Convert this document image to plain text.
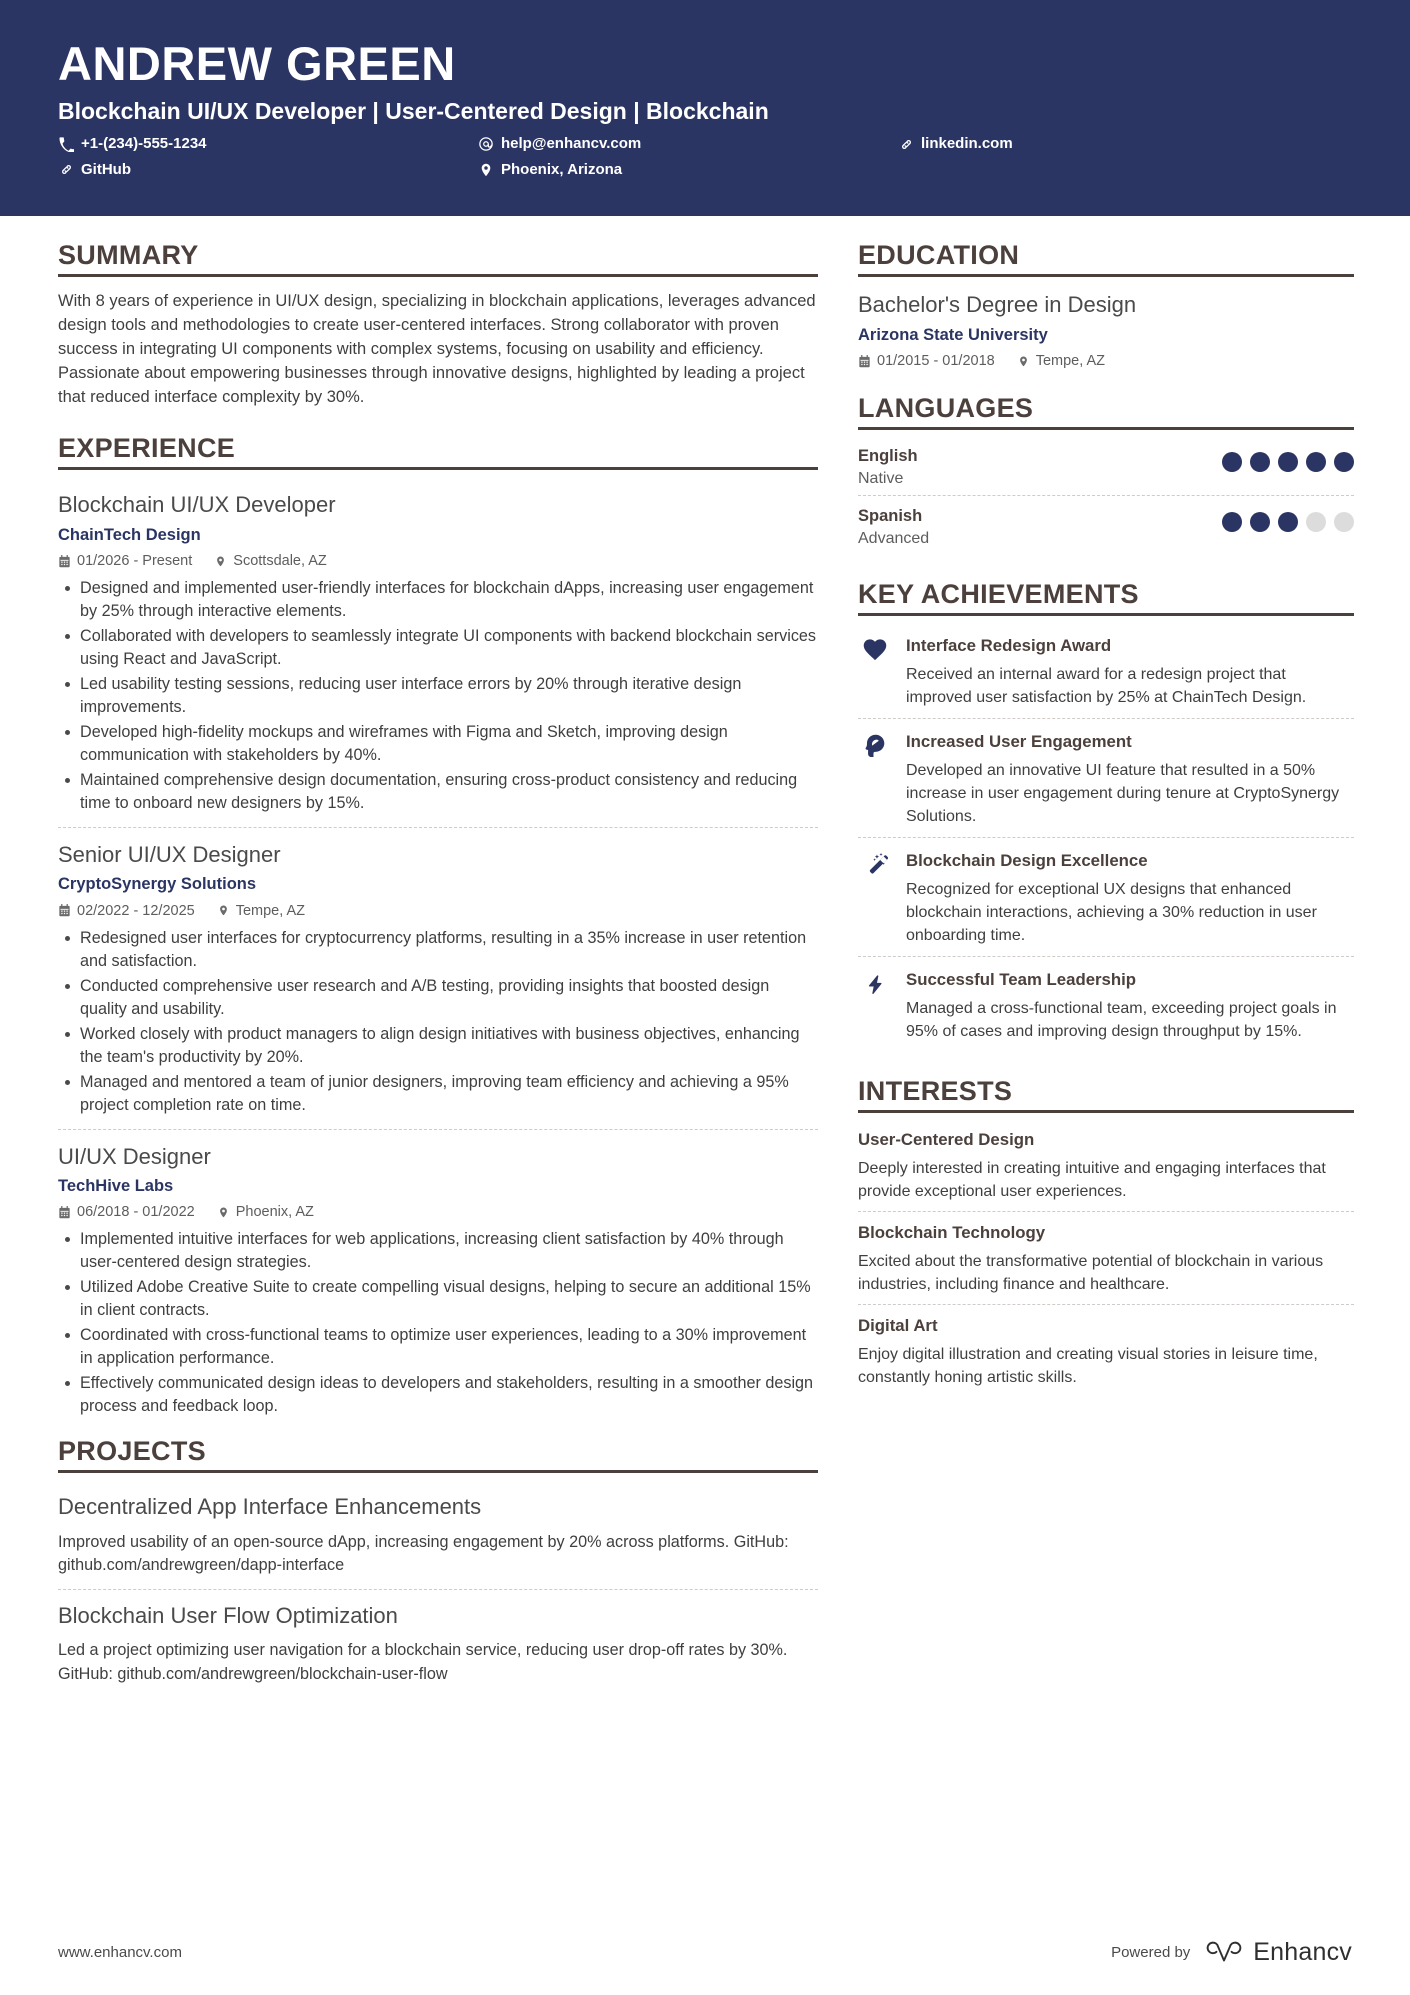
ANDREW GREEN
Blockchain UI/UX Developer | User-Centered Design | Blockchain
+1-(234)-555-1234	help@enhancv.com	linkedin.com
GitHub	Phoenix, Arizona
SUMMARY
With 8 years of experience in UI/UX design, specializing in blockchain applications, leverages advanced design tools and methodologies to create user-centered interfaces. Strong collaborator with proven success in integrating UI components with complex systems, focusing on usability and efficiency. Passionate about empowering businesses through innovative designs, highlighted by leading a project that reduced interface complexity by 30%.
EXPERIENCE
Blockchain UI/UX Developer
ChainTech Design
01/2026 - Present	Scottsdale, AZ
Designed and implemented user-friendly interfaces for blockchain dApps, increasing user engagement by 25% through interactive elements.
Collaborated with developers to seamlessly integrate UI components with backend blockchain services using React and JavaScript.
Led usability testing sessions, reducing user interface errors by 20% through iterative design improvements.
Developed high-fidelity mockups and wireframes with Figma and Sketch, improving design communication with stakeholders by 40%.
Maintained comprehensive design documentation, ensuring cross-product consistency and reducing time to onboard new designers by 15%.
Senior UI/UX Designer
CryptoSynergy Solutions
02/2022 - 12/2025	Tempe, AZ
Redesigned user interfaces for cryptocurrency platforms, resulting in a 35% increase in user retention and satisfaction.
Conducted comprehensive user research and A/B testing, providing insights that boosted design quality and usability.
Worked closely with product managers to align design initiatives with business objectives, enhancing the team's productivity by 20%.
Managed and mentored a team of junior designers, improving team efficiency and achieving a 95% project completion rate on time.
UI/UX Designer
TechHive Labs
06/2018 - 01/2022	Phoenix, AZ
Implemented intuitive interfaces for web applications, increasing client satisfaction by 40% through user-centered design strategies.
Utilized Adobe Creative Suite to create compelling visual designs, helping to secure an additional 15% in client contracts.
Coordinated with cross-functional teams to optimize user experiences, leading to a 30% improvement in application performance.
Effectively communicated design ideas to developers and stakeholders, resulting in a smoother design process and feedback loop.
PROJECTS
Decentralized App Interface Enhancements
Improved usability of an open-source dApp, increasing engagement by 20% across platforms. GitHub: github.com/andrewgreen/dapp-interface
Blockchain User Flow Optimization
Led a project optimizing user navigation for a blockchain service, reducing user drop-off rates by 30%. GitHub: github.com/andrewgreen/blockchain-user-flow
EDUCATION
Bachelor's Degree in Design
Arizona State University
01/2015 - 01/2018	Tempe, AZ
LANGUAGES
English
Native
Spanish
Advanced
KEY ACHIEVEMENTS
Interface Redesign Award
Received an internal award for a redesign project that improved user satisfaction by 25% at ChainTech Design.
Increased User Engagement
Developed an innovative UI feature that resulted in a 50% increase in user engagement during tenure at CryptoSynergy Solutions.
Blockchain Design Excellence
Recognized for exceptional UX designs that enhanced blockchain interactions, achieving a 30% reduction in user onboarding time.
Successful Team Leadership
Managed a cross-functional team, exceeding project goals in 95% of cases and improving design throughput by 15%.
INTERESTS
User-Centered Design
Deeply interested in creating intuitive and engaging interfaces that provide exceptional user experiences.
Blockchain Technology
Excited about the transformative potential of blockchain in various industries, including finance and healthcare.
Digital Art
Enjoy digital illustration and creating visual stories in leisure time, constantly honing artistic skills.
www.enhancv.com	Powered by	Enhancv
